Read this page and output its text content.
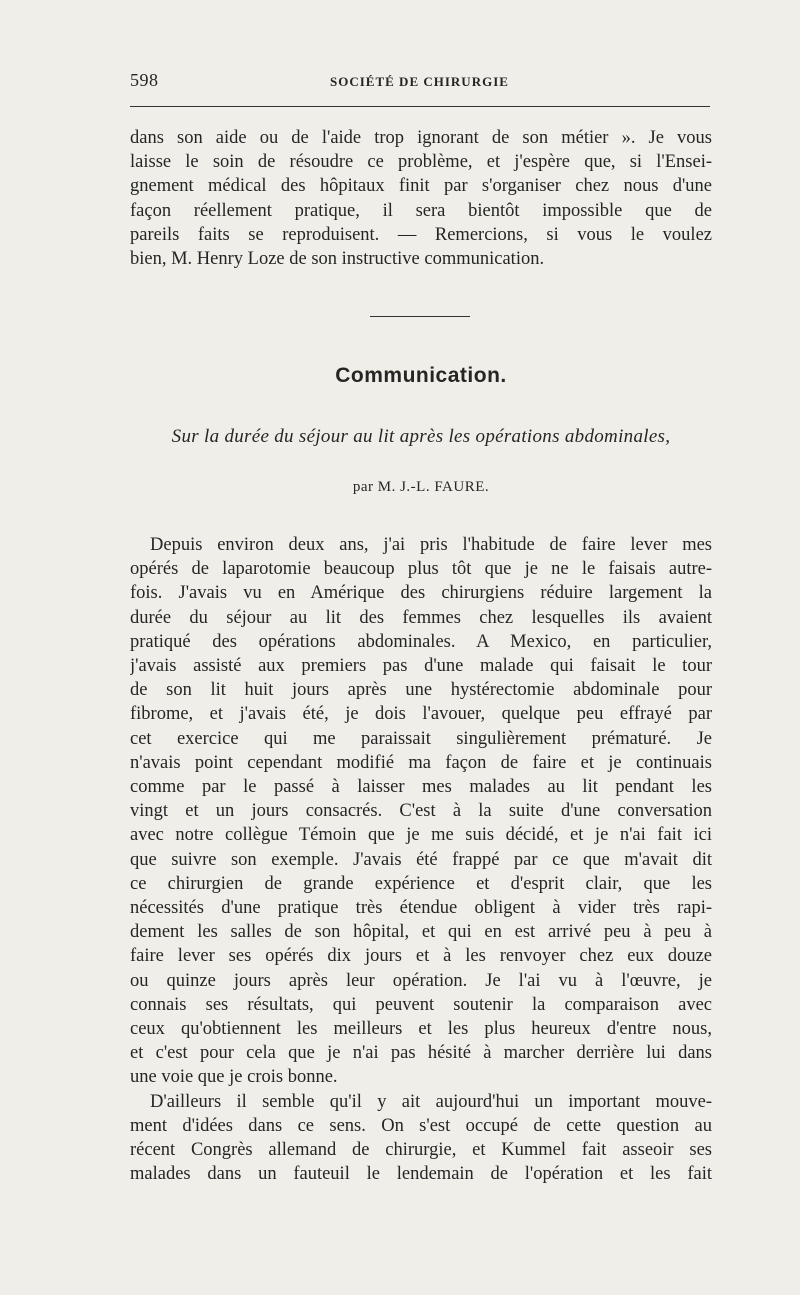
598	SOCIÉTÉ DE CHIRURGIE
dans son aide ou de l'aide trop ignorant de son métier ». Je vous
laisse le soin de résoudre ce problème, et j'espère que, si l'Ensei-
gnement médical des hôpitaux finit par s'organiser chez nous d'une
façon réellement pratique, il sera bientôt impossible que de
pareils faits se reproduisent. — Remercions, si vous le voulez
bien, M. Henry Loze de son instructive communication.
Communication.
Sur la durée du séjour au lit après les opérations abdominales,
par M. J.-L. FAURE.
Depuis environ deux ans, j'ai pris l'habitude de faire lever mes
opérés de laparotomie beaucoup plus tôt que je ne le faisais autre-
fois. J'avais vu en Amérique des chirurgiens réduire largement la
durée du séjour au lit des femmes chez lesquelles ils avaient
pratiqué des opérations abdominales. A Mexico, en particulier,
j'avais assisté aux premiers pas d'une malade qui faisait le tour
de son lit huit jours après une hystérectomie abdominale pour
fibrome, et j'avais été, je dois l'avouer, quelque peu effrayé par
cet exercice qui me paraissait singulièrement prématuré. Je
n'avais point cependant modifié ma façon de faire et je continuais
comme par le passé à laisser mes malades au lit pendant les
vingt et un jours consacrés. C'est à la suite d'une conversation
avec notre collègue Témoin que je me suis décidé, et je n'ai fait ici
que suivre son exemple. J'avais été frappé par ce que m'avait dit
ce chirurgien de grande expérience et d'esprit clair, que les
nécessités d'une pratique très étendue obligent à vider très rapi-
dement les salles de son hôpital, et qui en est arrivé peu à peu à
faire lever ses opérés dix jours et à les renvoyer chez eux douze
ou quinze jours après leur opération. Je l'ai vu à l'œuvre, je
connais ses résultats, qui peuvent soutenir la comparaison avec
ceux qu'obtiennent les meilleurs et les plus heureux d'entre nous,
et c'est pour cela que je n'ai pas hésité à marcher derrière lui dans
une voie que je crois bonne.
D'ailleurs il semble qu'il y ait aujourd'hui un important mouve-
ment d'idées dans ce sens. On s'est occupé de cette question au
récent Congrès allemand de chirurgie, et Kummel fait asseoir ses
malades dans un fauteuil le lendemain de l'opération et les fait
